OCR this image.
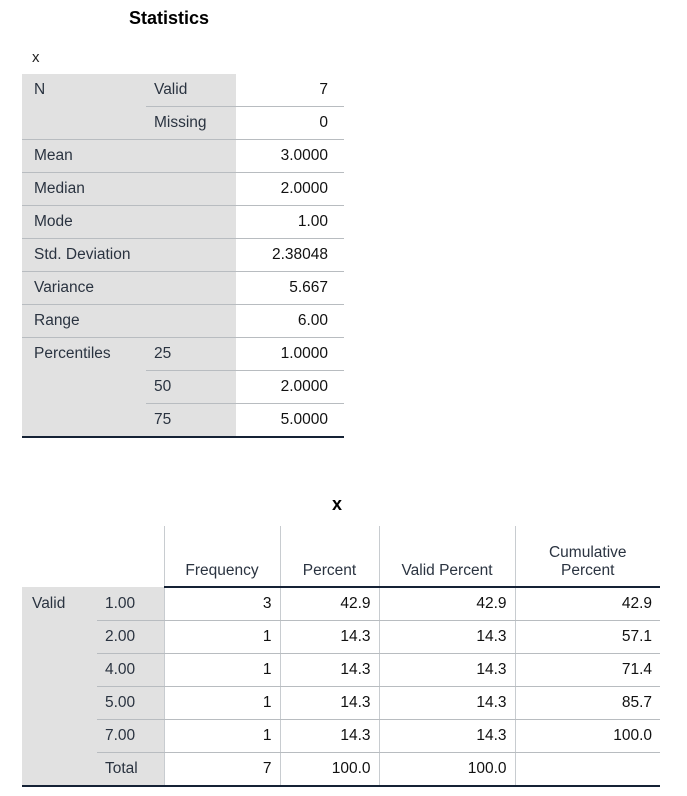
Statistics
x
N	Valid	7
	Missing	0
Mean		3.0000
Median		2.0000
Mode		1.00
Std. Deviation		2.38048
Variance		5.667
Range		6.00
Percentiles	25	1.0000
	50	2.0000
	75	5.0000
x
		Frequency	Percent	Valid Percent	Cumulative
Percent

Valid	1.00	3	42.9	42.9	42.9
	2.00	1	14.3	14.3	57.1
	4.00	1	14.3	14.3	71.4
	5.00	1	14.3	14.3	85.7
	7.00	1	14.3	14.3	100.0
	Total	7	100.0	100.0	
